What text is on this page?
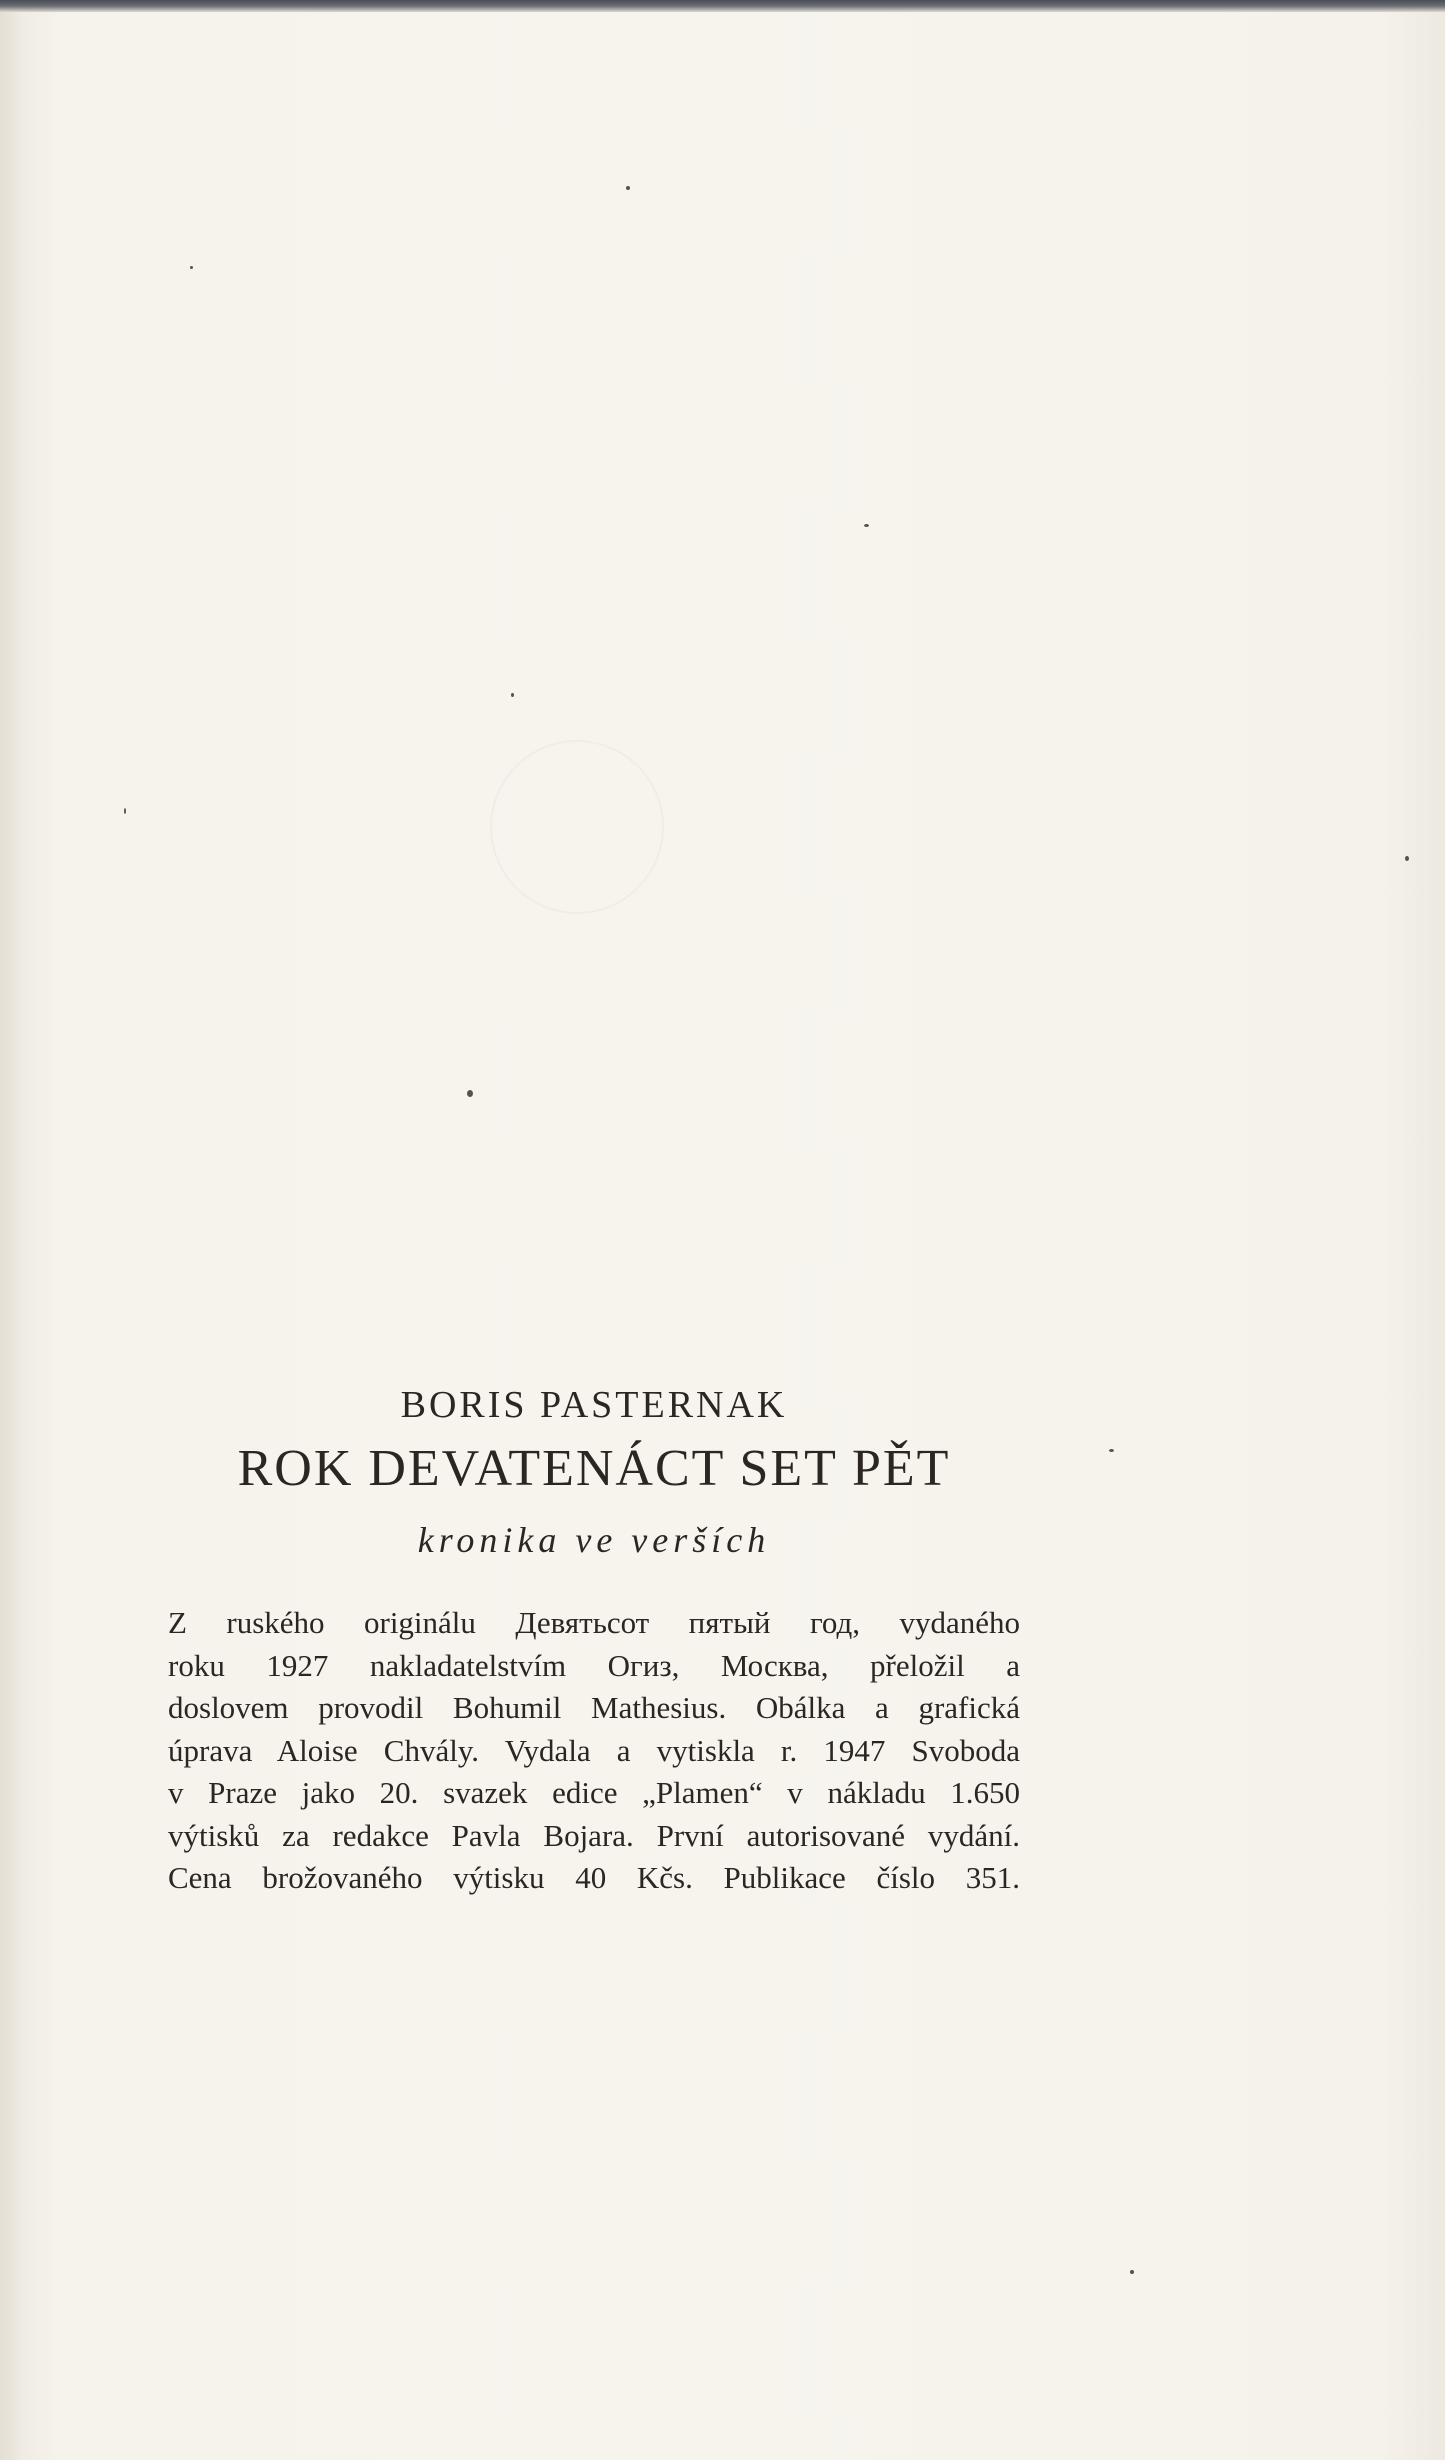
BORIS PASTERNAK
ROK DEVATENÁCT SET PĚT
kronika ve verších
Z ruského originálu Девятьсот пятый год, vydaného
roku 1927 nakladatelstvím Огиз, Москва, přeložil a
doslovem provodil Bohumil Mathesius. Obálka a grafická
úprava Aloise Chvály. Vydala a vytiskla r. 1947 Svoboda
v Praze jako 20. svazek edice „Plamen“ v nákladu 1.650
výtisků za redakce Pavla Bojara. První autorisované vydání.
Cena brožovaného výtisku 40 Kčs. Publikace číslo 351.
